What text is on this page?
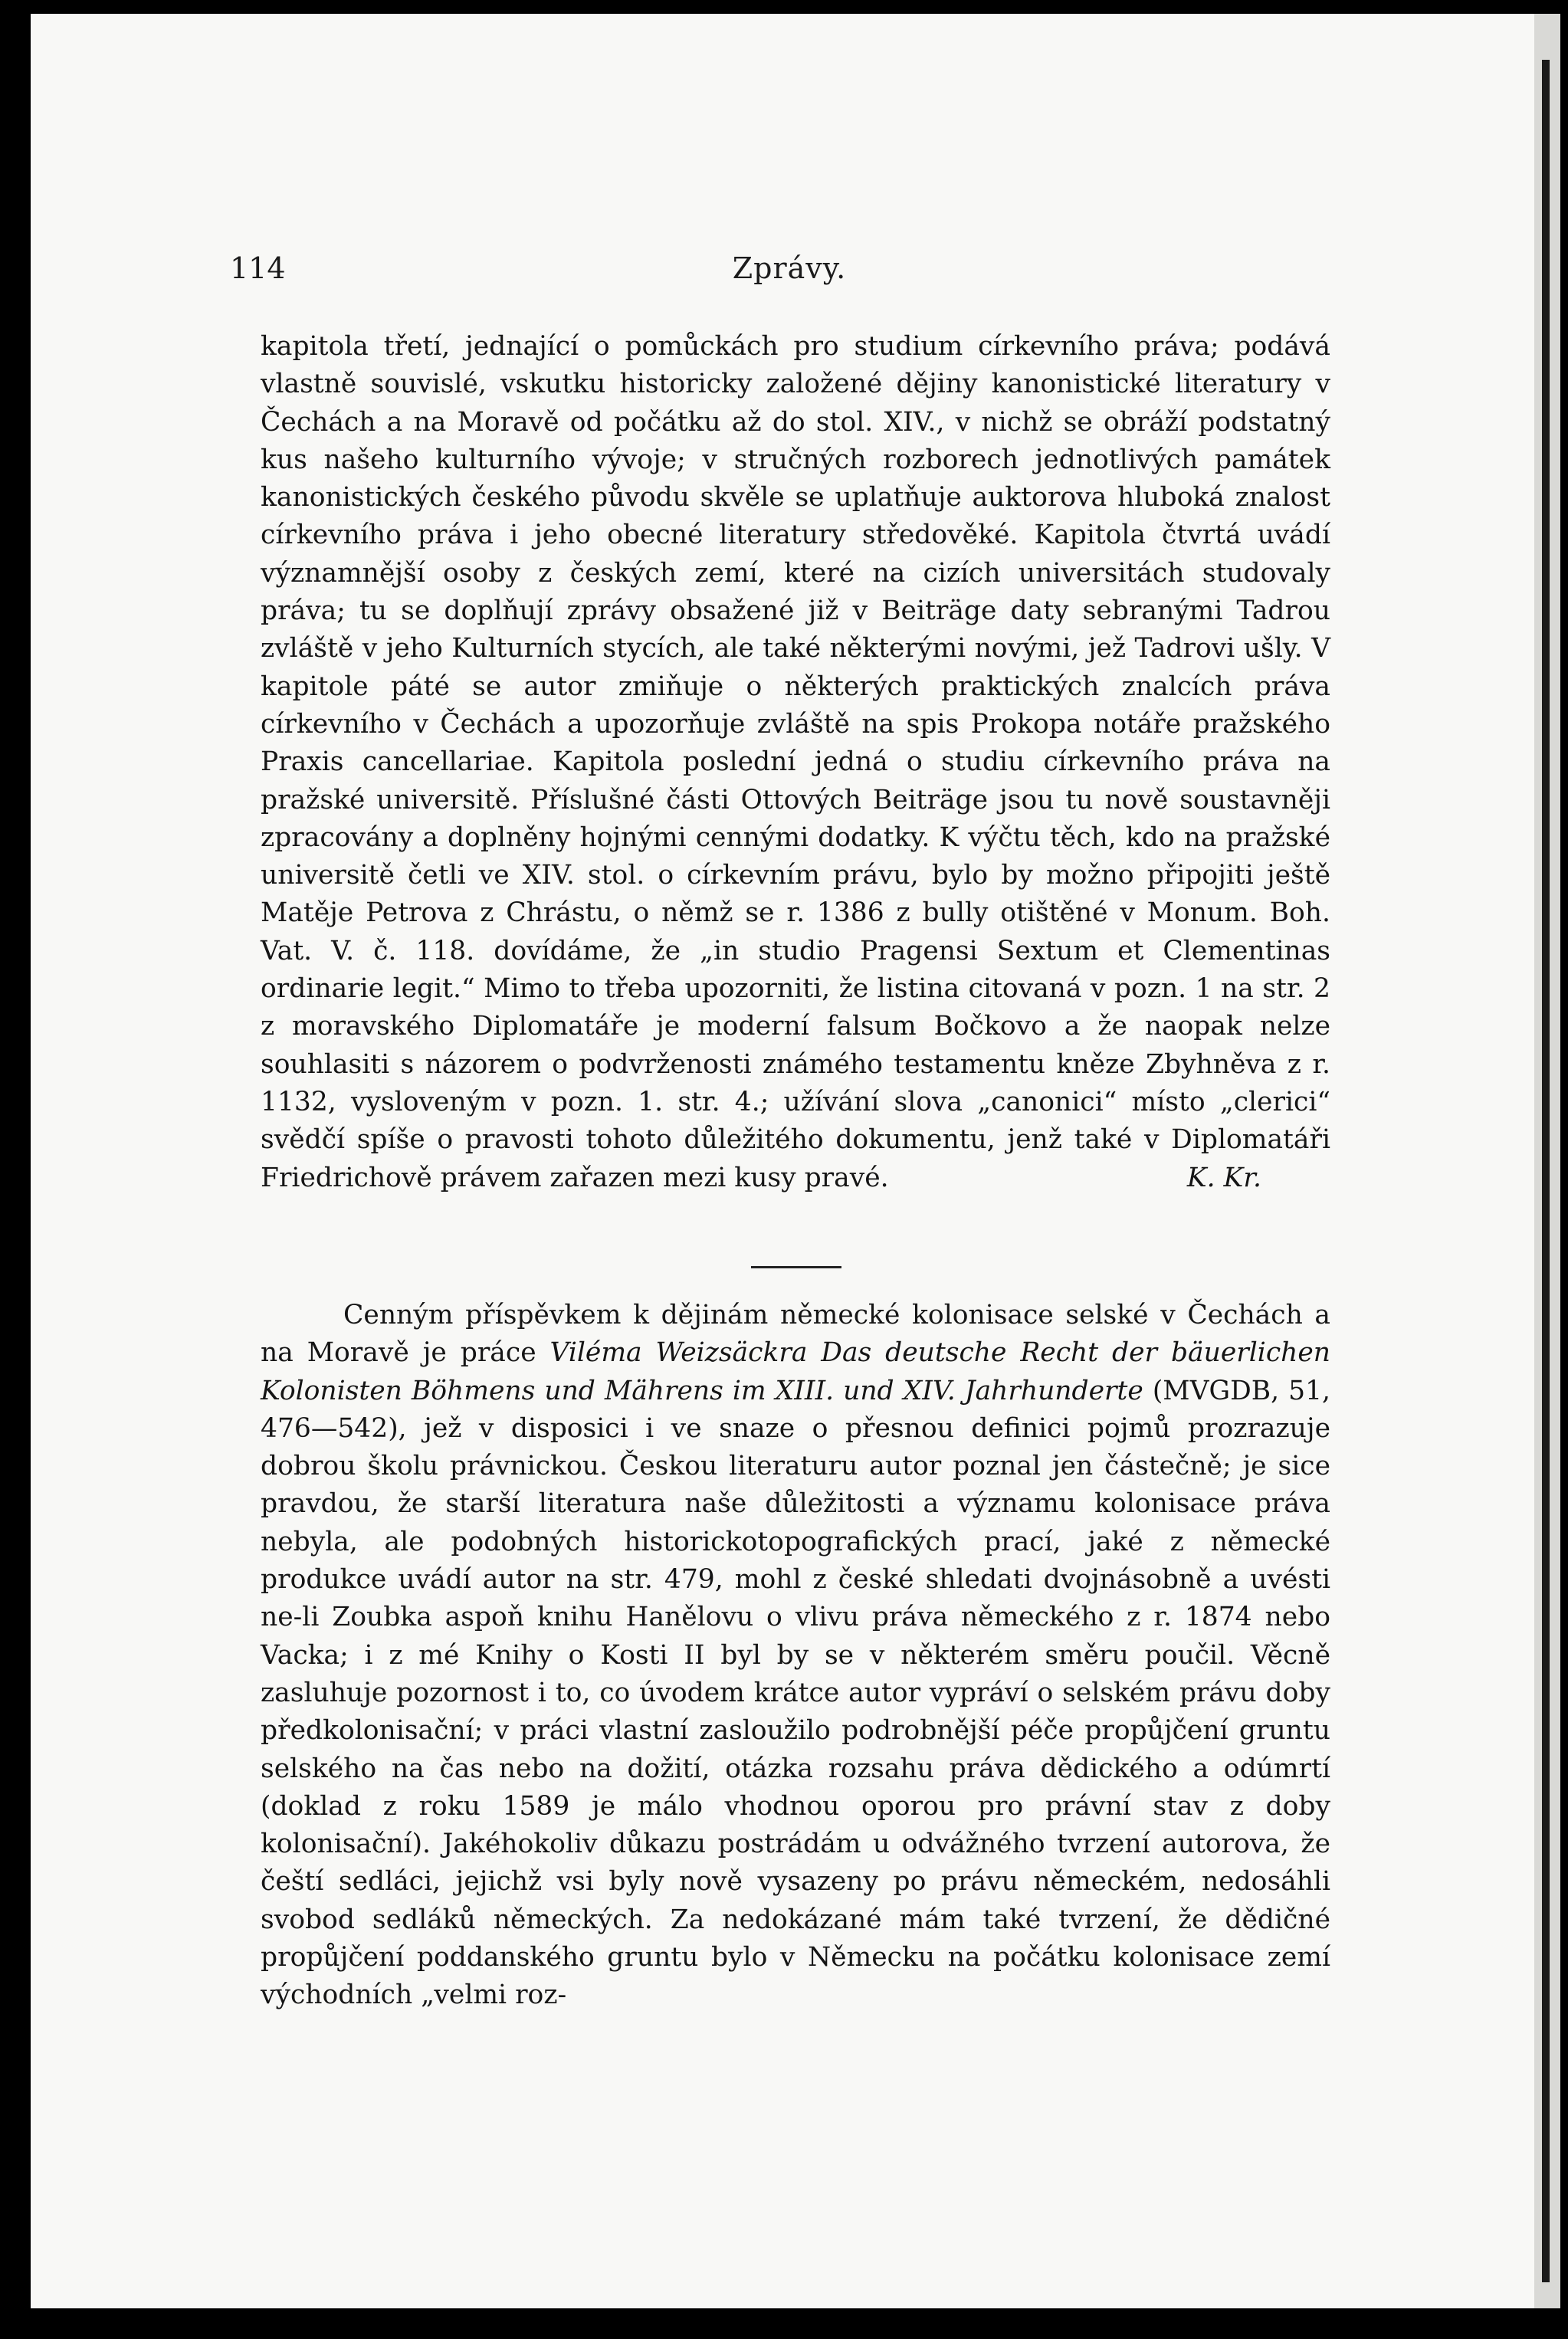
114	Zprávy.

kapitola třetí, jednající o pomůckách pro studium církevního práva; podává vlastně souvislé, vskutku historicky založené dějiny kanonistické literatury v Čechách a na Moravě od počátku až do stol. XIV., v nichž se obráží podstatný kus našeho kulturního vývoje; v stručných rozborech jednotlivých památek kanonistických českého původu skvěle se uplatňuje auktorova hluboká znalost církevního práva i jeho obecné literatury středověké. Kapitola čtvrtá uvádí významnější osoby z českých zemí, které na cizích universitách studovaly práva; tu se doplňují zprávy obsažené již v Beiträge daty sebranými Tadrou zvláště v jeho Kulturních stycích, ale také některými novými, jež Tadrovi ušly. V kapitole páté se autor zmiňuje o některých praktických znalcích práva církevního v Čechách a upozorňuje zvláště na spis Prokopa notáře pražského Praxis cancellariae. Kapitola poslední jedná o studiu církevního práva na pražské universitě. Příslušné části Ottových Beiträge jsou tu nově soustavněji zpracovány a doplněny hojnými cennými dodatky. K výčtu těch, kdo na pražské universitě četli ve XIV. stol. o církevním právu, bylo by možno připojiti ještě Matěje Petrova z Chrástu, o němž se r. 1386 z bully otištěné v Monum. Boh. Vat. V. č. 118. dovídáme, že „in studio Pragensi Sextum et Clementinas ordinarie legit.“ Mimo to třeba upozorniti, že listina citovaná v pozn. 1 na str. 2 z moravského Diplomatáře je moderní falsum Bočkovo a že naopak nelze souhlasiti s názorem o podvrženosti známého testamentu kněze Zbyhněva z r. 1132, vysloveným v pozn. 1. str. 4.; užívání slova „canonici“ místo „clerici“ svědčí spíše o pravosti tohoto důležitého dokumentu, jenž také v Diplomatáři Friedrichově právem zařazen mezi kusy pravé.	K. Kr.

Cenným příspěvkem k dějinám německé kolonisace selské v Čechách a na Moravě je práce Viléma Weizsäckra Das deutsche Recht der bäuerlichen Kolonisten Böhmens und Mährens im XIII. und XIV. Jahrhunderte (MVGDB, 51, 476—542), jež v disposici i ve snaze o přesnou definici pojmů prozrazuje dobrou školu právnickou. Českou literaturu autor poznal jen částečně; je sice pravdou, že starší literatura naše důležitosti a významu kolonisace práva nebyla, ale podobných historickotopografických prací, jaké z německé produkce uvádí autor na str. 479, mohl z české shledati dvojnásobně a uvésti ne-li Zoubka aspoň knihu Hanělovu o vlivu práva německého z r. 1874 nebo Vacka; i z mé Knihy o Kosti II byl by se v některém směru poučil. Věcně zasluhuje pozornost i to, co úvodem krátce autor vypráví o selském právu doby předkolonisační; v práci vlastní zasloužilo podrobnější péče propůjčení gruntu selského na čas nebo na dožití, otázka rozsahu práva dědického a odúmrtí (doklad z roku 1589 je málo vhodnou oporou pro právní stav z doby kolonisační). Jakéhokoliv důkazu postrádám u odvážného tvrzení autorova, že čeští sedláci, jejichž vsi byly nově vysazeny po právu německém, nedosáhli svobod sedláků německých. Za nedokázané mám také tvrzení, že dědičné propůjčení poddanského gruntu bylo v Německu na počátku kolonisace zemí východních „velmi roz-
